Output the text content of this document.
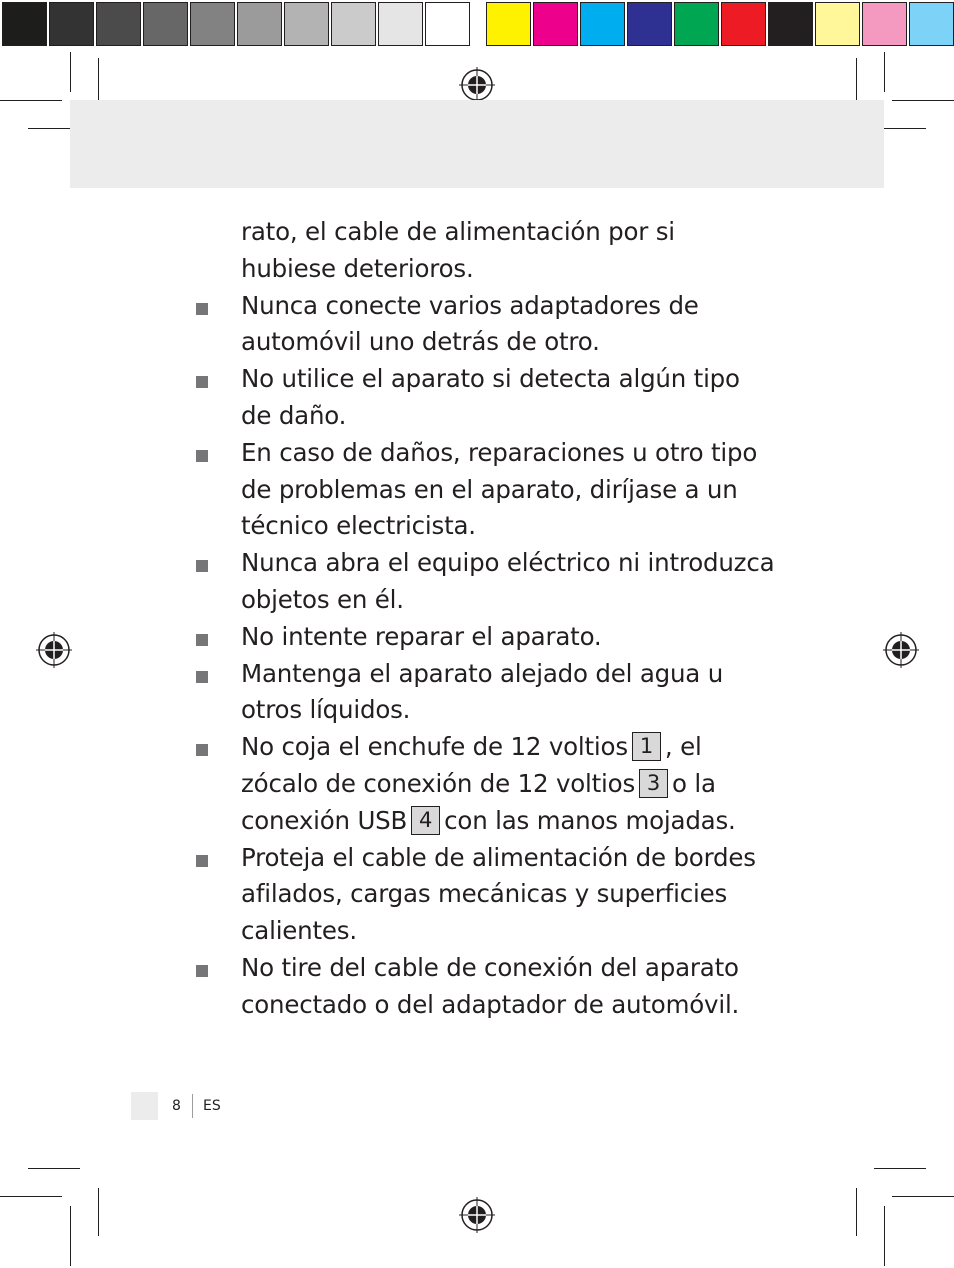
rato, el cable de alimentación por si hubiese deterioros.
Nunca conecte varios adaptadores de automóvil uno detrás de otro.
No utilice el aparato si detecta algún tipo de daño.
En caso de daños, reparaciones u otro tipo de problemas en el aparato, diríjase a un técnico electricista.
Nunca abra el equipo eléctrico ni introduzca objetos en él.
No intente reparar el aparato.
Mantenga el aparato alejado del agua u otros líquidos.
No coja el enchufe de 12 voltios 1 , el zócalo de conexión de 12 voltios 3 o la conexión USB 4 con las manos mojadas.
Proteja el cable de alimentación de bordes afilados, cargas mecánicas y superficies calientes.
No tire del cable de conexión del aparato conectado o del adaptador de automóvil.
8 ES
